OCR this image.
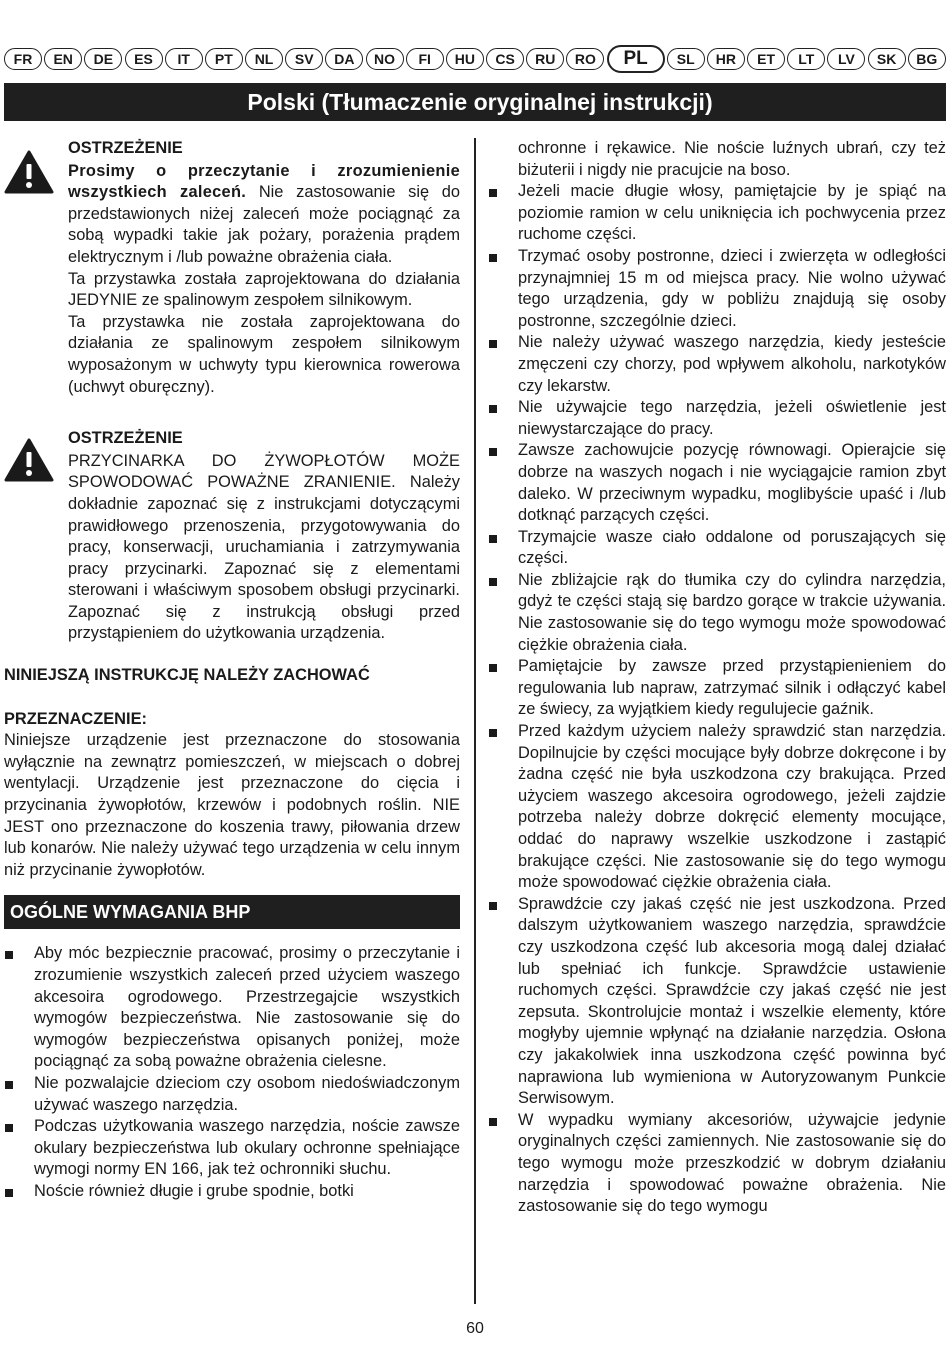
FR	EN	DE	ES	IT	PT	NL	SV	DA	NO	FI	HU	CS	RU	RO	PL	SL	HR	ET	LT	LV	SK	BG
Polski (Tłumaczenie oryginalnej instrukcji)
OSTRZEŻENIE
Prosimy o przeczytanie i zrozumienienie wszystkiech zaleceń. Nie zastosowanie się do przedstawionych niżej zaleceń może pociągnąć za sobą wypadki takie jak pożary, porażenia prądem elektrycznym i /lub poważne obrażenia ciała.
Ta przystawka została zaprojektowana do działania JEDYNIE ze spalinowym zespołem silnikowym.
Ta przystawka nie została zaprojektowana do działania ze spalinowym zespołem silnikowym wyposażonym w uchwyty typu kierownica rowerowa (uchwyt oburęczny).
OSTRZEŻENIE
PRZYCINARKA DO ŻYWOPŁOTÓW MOŻE SPOWODOWAĆ POWAŻNE ZRANIENIE. Należy dokładnie zapoznać się z instrukcjami dotyczącymi prawidłowego przenoszenia, przygotowywania do pracy, konserwacji, uruchamiania i zatrzymywania pracy przycinarki. Zapoznać się z elementami sterowani i właściwym sposobem obsługi przycinarki. Zapoznać się z instrukcją obsługi przed przystąpieniem do użytkowania urządzenia.
NINIEJSZĄ INSTRUKCJĘ NALEŻY ZACHOWAĆ
PRZEZNACZENIE:
Niniejsze urządzenie jest przeznaczone do stosowania wyłącznie na zewnątrz pomieszczeń, w miejscach o dobrej wentylacji. Urządzenie jest przeznaczone do cięcia i przycinania żywopłotów, krzewów i podobnych roślin. NIE JEST ono przeznaczone do koszenia trawy, piłowania drzew lub konarów. Nie należy używać tego urządzenia w celu innym niż przycinanie żywopłotów.
OGÓLNE WYMAGANIA BHP
Aby móc bezpiecznie pracować, prosimy o przeczytanie i zrozumienie wszystkich zaleceń przed użyciem waszego akcesoira ogrodowego. Przestrzegajcie wszystkich wymogów bezpieczeństwa. Nie zastosowanie się do wymogów bezpieczeństwa opisanych poniżej, może pociągnąć za sobą poważne obrażenia cielesne.
Nie pozwalajcie dzieciom czy osobom niedoświadczonym używać waszego narzędzia.
Podczas użytkowania waszego narzędzia, noście zawsze okulary bezpieczeństwa lub okulary ochronne spełniające wymogi normy EN 166, jak też ochronniki słuchu.
Noście również długie i grube spodnie, botki
ochronne i rękawice. Nie noście luźnych ubrań, czy też biżuterii i nigdy nie pracujcie na boso.
Jeżeli macie długie włosy, pamiętajcie by je spiąć na poziomie ramion w celu uniknięcia ich pochwycenia przez ruchome części.
Trzymać osoby postronne, dzieci i zwierzęta w odległości przynajmniej 15 m od miejsca pracy. Nie wolno używać tego urządzenia, gdy w pobliżu znajdują się osoby postronne, szczególnie dzieci.
Nie należy używać waszego narzędzia, kiedy jesteście zmęczeni czy chorzy, pod wpływem alkoholu, narkotyków czy lekarstw.
Nie używajcie tego narzędzia, jeżeli oświetlenie jest niewystarczające do pracy.
Zawsze zachowujcie pozycję równowagi. Opierajcie się dobrze na waszych nogach i nie wyciągajcie ramion zbyt daleko. W przeciwnym wypadku, moglibyście upaść i /lub dotknąć parzących części.
Trzymajcie wasze ciało oddalone od poruszających się części.
Nie zbliżajcie rąk do tłumika czy do cylindra narzędzia, gdyż te części stają się bardzo gorące w trakcie używania. Nie zastosowanie się do tego wymogu może spowodować ciężkie obrażenia ciała.
Pamiętajcie by zawsze przed przystąpienieniem do regulowania lub napraw, zatrzymać silnik i odłączyć kabel ze świecy, za wyjątkiem kiedy regulujecie gaźnik.
Przed każdym użyciem należy sprawdzić stan narzędzia. Dopilnujcie by części mocujące były dobrze dokręcone i by żadna część nie była uszkodzona czy brakująca. Przed użyciem waszego akcesoira ogrodowego, jeżeli zajdzie potrzeba należy dobrze dokręcić elementy mocujące, oddać do naprawy wszelkie uszkodzone i zastąpić brakujące części. Nie zastosowanie się do tego wymogu może spowodować ciężkie obrażenia ciała.
Sprawdźcie czy jakaś część nie jest uszkodzona. Przed dalszym użytkowaniem waszego narzędzia, sprawdźcie czy uszkodzona część lub akcesoria mogą dalej działać lub spełniać ich funkcje. Sprawdźcie ustawienie ruchomych części. Sprawdźcie czy jakaś część nie jest zepsuta. Skontrolujcie montaż i wszelkie elementy, które mogłyby ujemnie wpłynąć na działanie narzędzia. Osłona czy jakakolwiek inna uszkodzona część powinna być naprawiona lub wymieniona w Autoryzowanym Punkcie Serwisowym.
W wypadku wymiany akcesoriów, używajcie jedynie oryginalnych części zamiennych. Nie zastosowanie się do tego wymogu może przeszkodzić w dobrym działaniu narzędzia i spowodować poważne obrażenia. Nie zastosowanie się do tego wymogu
60
